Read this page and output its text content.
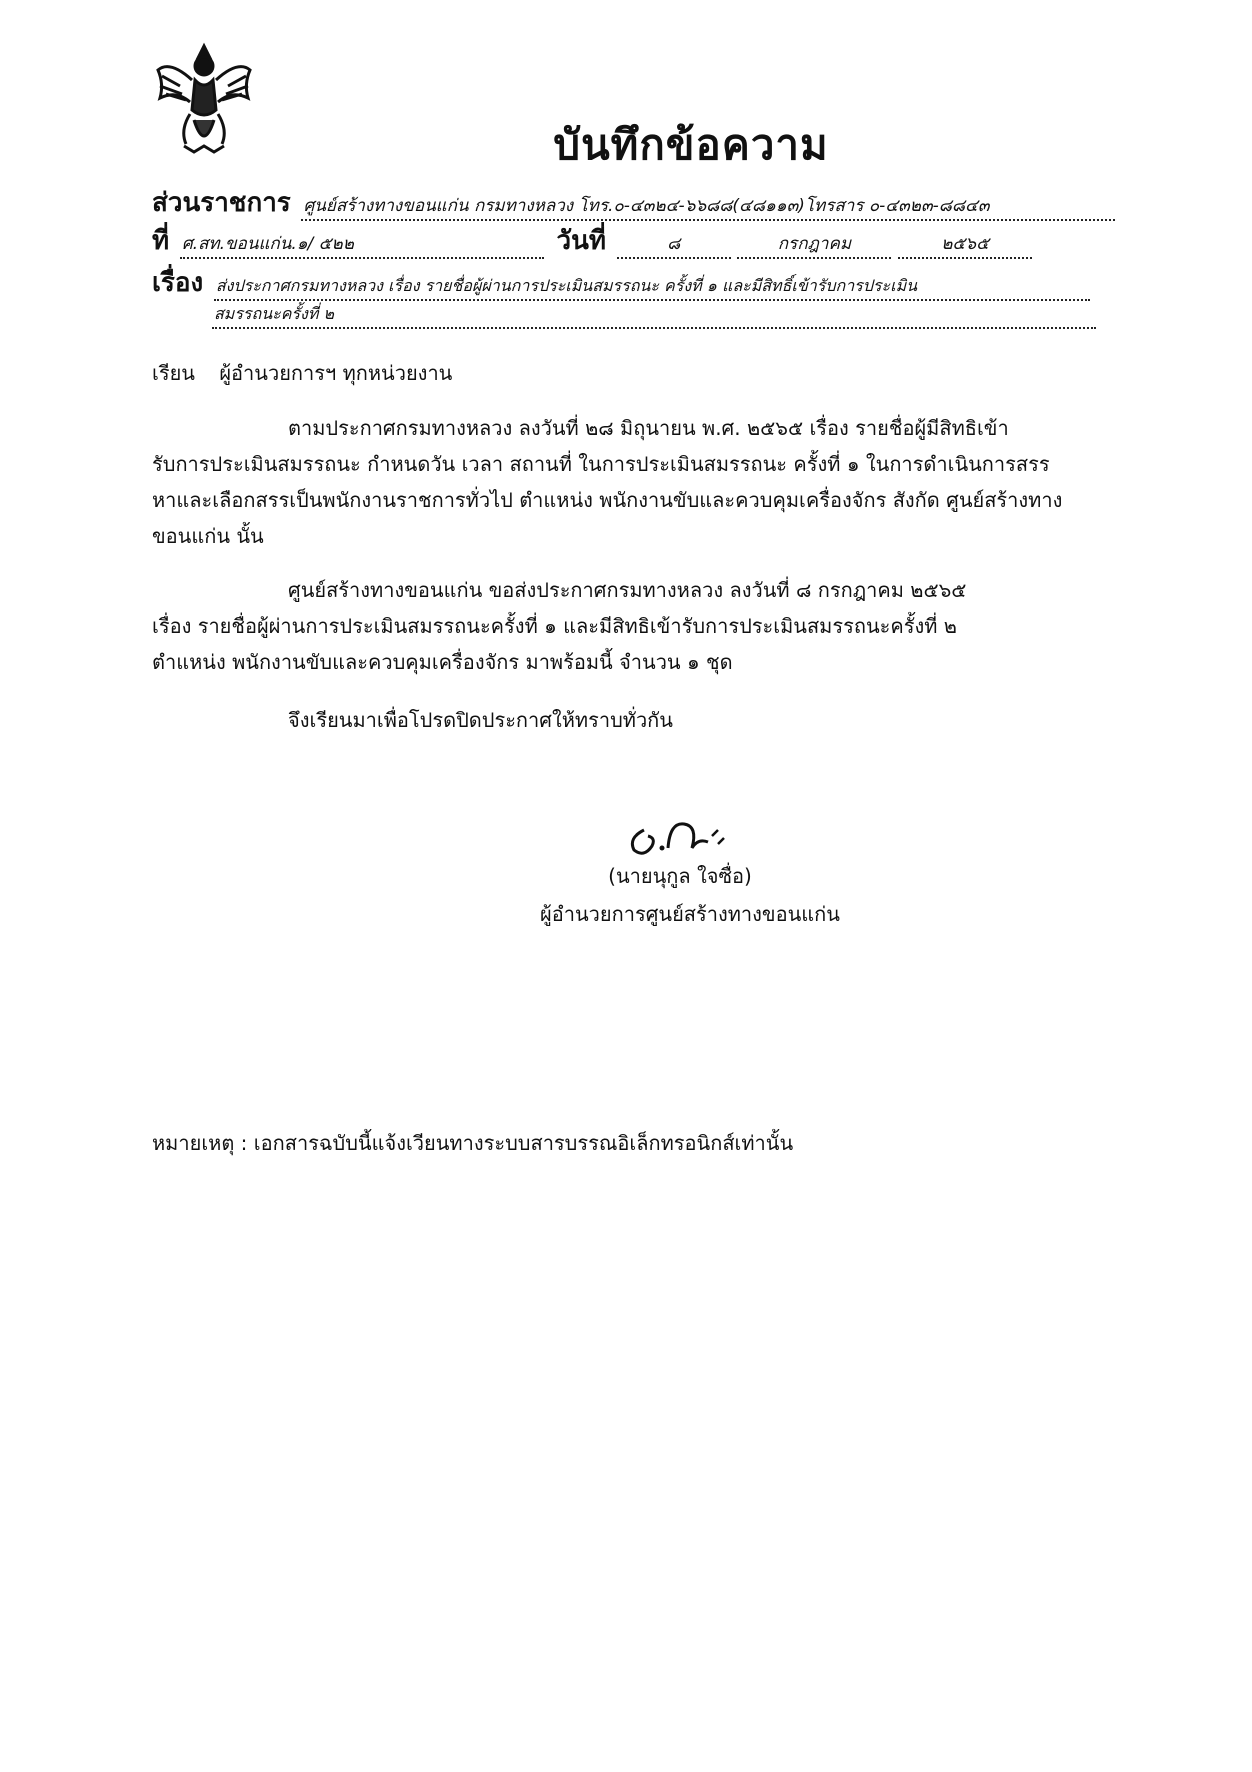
บันทึกข้อความ
ส่วนราชการ ศูนย์สร้างทางขอนแก่น กรมทางหลวง โทร.๐-๔๓๒๔-๖๖๘๘(๔๘๑๑๓)โทรสาร ๐-๔๓๒๓-๘๘๔๓
ที่ ศ.สท.ขอนแก่น.๑/ ๕๒๒	วันที่	๘	กรกฎาคม	๒๕๖๕
เรื่อง ส่งประกาศกรมทางหลวง เรื่อง รายชื่อผู้ผ่านการประเมินสมรรถนะ ครั้งที่ ๑ และมีสิทธิ์เข้ารับการประเมิน
สมรรถนะครั้งที่ ๒
เรียน ผู้อำนวยการฯ ทุกหน่วยงาน
ตามประกาศกรมทางหลวง ลงวันที่ ๒๘ มิถุนายน พ.ศ. ๒๕๖๕ เรื่อง รายชื่อผู้มีสิทธิเข้า
รับการประเมินสมรรถนะ กำหนดวัน เวลา สถานที่ ในการประเมินสมรรถนะ ครั้งที่ ๑ ในการดำเนินการสรร
หาและเลือกสรรเป็นพนักงานราชการทั่วไป ตำแหน่ง พนักงานขับและควบคุมเครื่องจักร สังกัด ศูนย์สร้างทาง
ขอนแก่น นั้น
ศูนย์สร้างทางขอนแก่น ขอส่งประกาศกรมทางหลวง ลงวันที่ ๘ กรกฎาคม ๒๕๖๕
เรื่อง รายชื่อผู้ผ่านการประเมินสมรรถนะครั้งที่ ๑ และมีสิทธิเข้ารับการประเมินสมรรถนะครั้งที่ ๒
ตำแหน่ง พนักงานขับและควบคุมเครื่องจักร มาพร้อมนี้ จำนวน ๑ ชุด
จึงเรียนมาเพื่อโปรดปิดประกาศให้ทราบทั่วกัน
(นายนุกูล ใจซื่อ)
ผู้อำนวยการศูนย์สร้างทางขอนแก่น
หมายเหตุ : เอกสารฉบับนี้แจ้งเวียนทางระบบสารบรรณอิเล็กทรอนิกส์เท่านั้น
